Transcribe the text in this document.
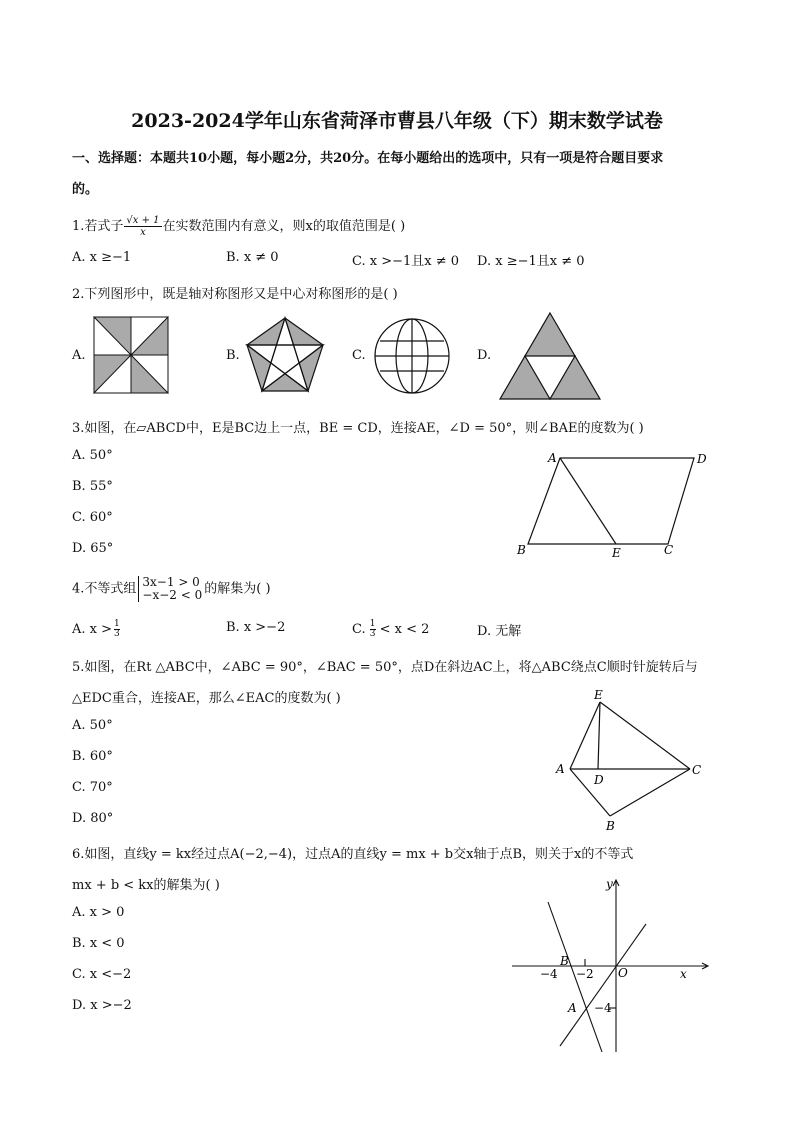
2023-2024学年山东省菏泽市曹县八年级（下）期末数学试卷
一、选择题：本题共10小题，每小题2分，共20分。在每小题给出的选项中，只有一项是符合题目要求
的。
1.若式子 $\frac{√x + 1}{x}$ 在实数范围内有意义，则x的取值范围是( )
A. x ≥−1	B. x ≠ 0	C. x >−1且x ≠ 0 D. x ≥−1且x ≠ 0
2.下列图形中，既是轴对称图形又是中心对称图形的是( )
A.	B.	C.	D.
3.如图，在▱ABCD中，E是BC边上一点，BE = CD，连接AE，∠D = 50°，则∠BAE的度数为( )
A. 50°
B. 55°
C. 60°
D. 65°
A	D
B	E	C
4.不等式组 3x−1 > 0
−x−2 < 0 的解集为( )
A. $x > \frac{1}{3}$	B. x >−2	C. $\frac{1}{3} < x < 2$	D. 无解
5.如图，在Rt △ABC中，∠ABC = 90°，∠BAC = 50°，点D在斜边AC上，将△ABC绕点C顺时针旋转后与
△EDC重合，连接AE，那么∠EAC的度数为( )
A. 50°
B. 60°
C. 70°
D. 80°
E
A
D
C
B
6.如图，直线y = kx经过点A(−2,−4)，过点A的直线y = mx + b交x轴于点B，则关于x的不等式
mx + b < kx的解集为( )
A. x > 0
B. x < 0
C. x <−2
D. x >−2
y
x
O
B
A
−4 −2
−4
